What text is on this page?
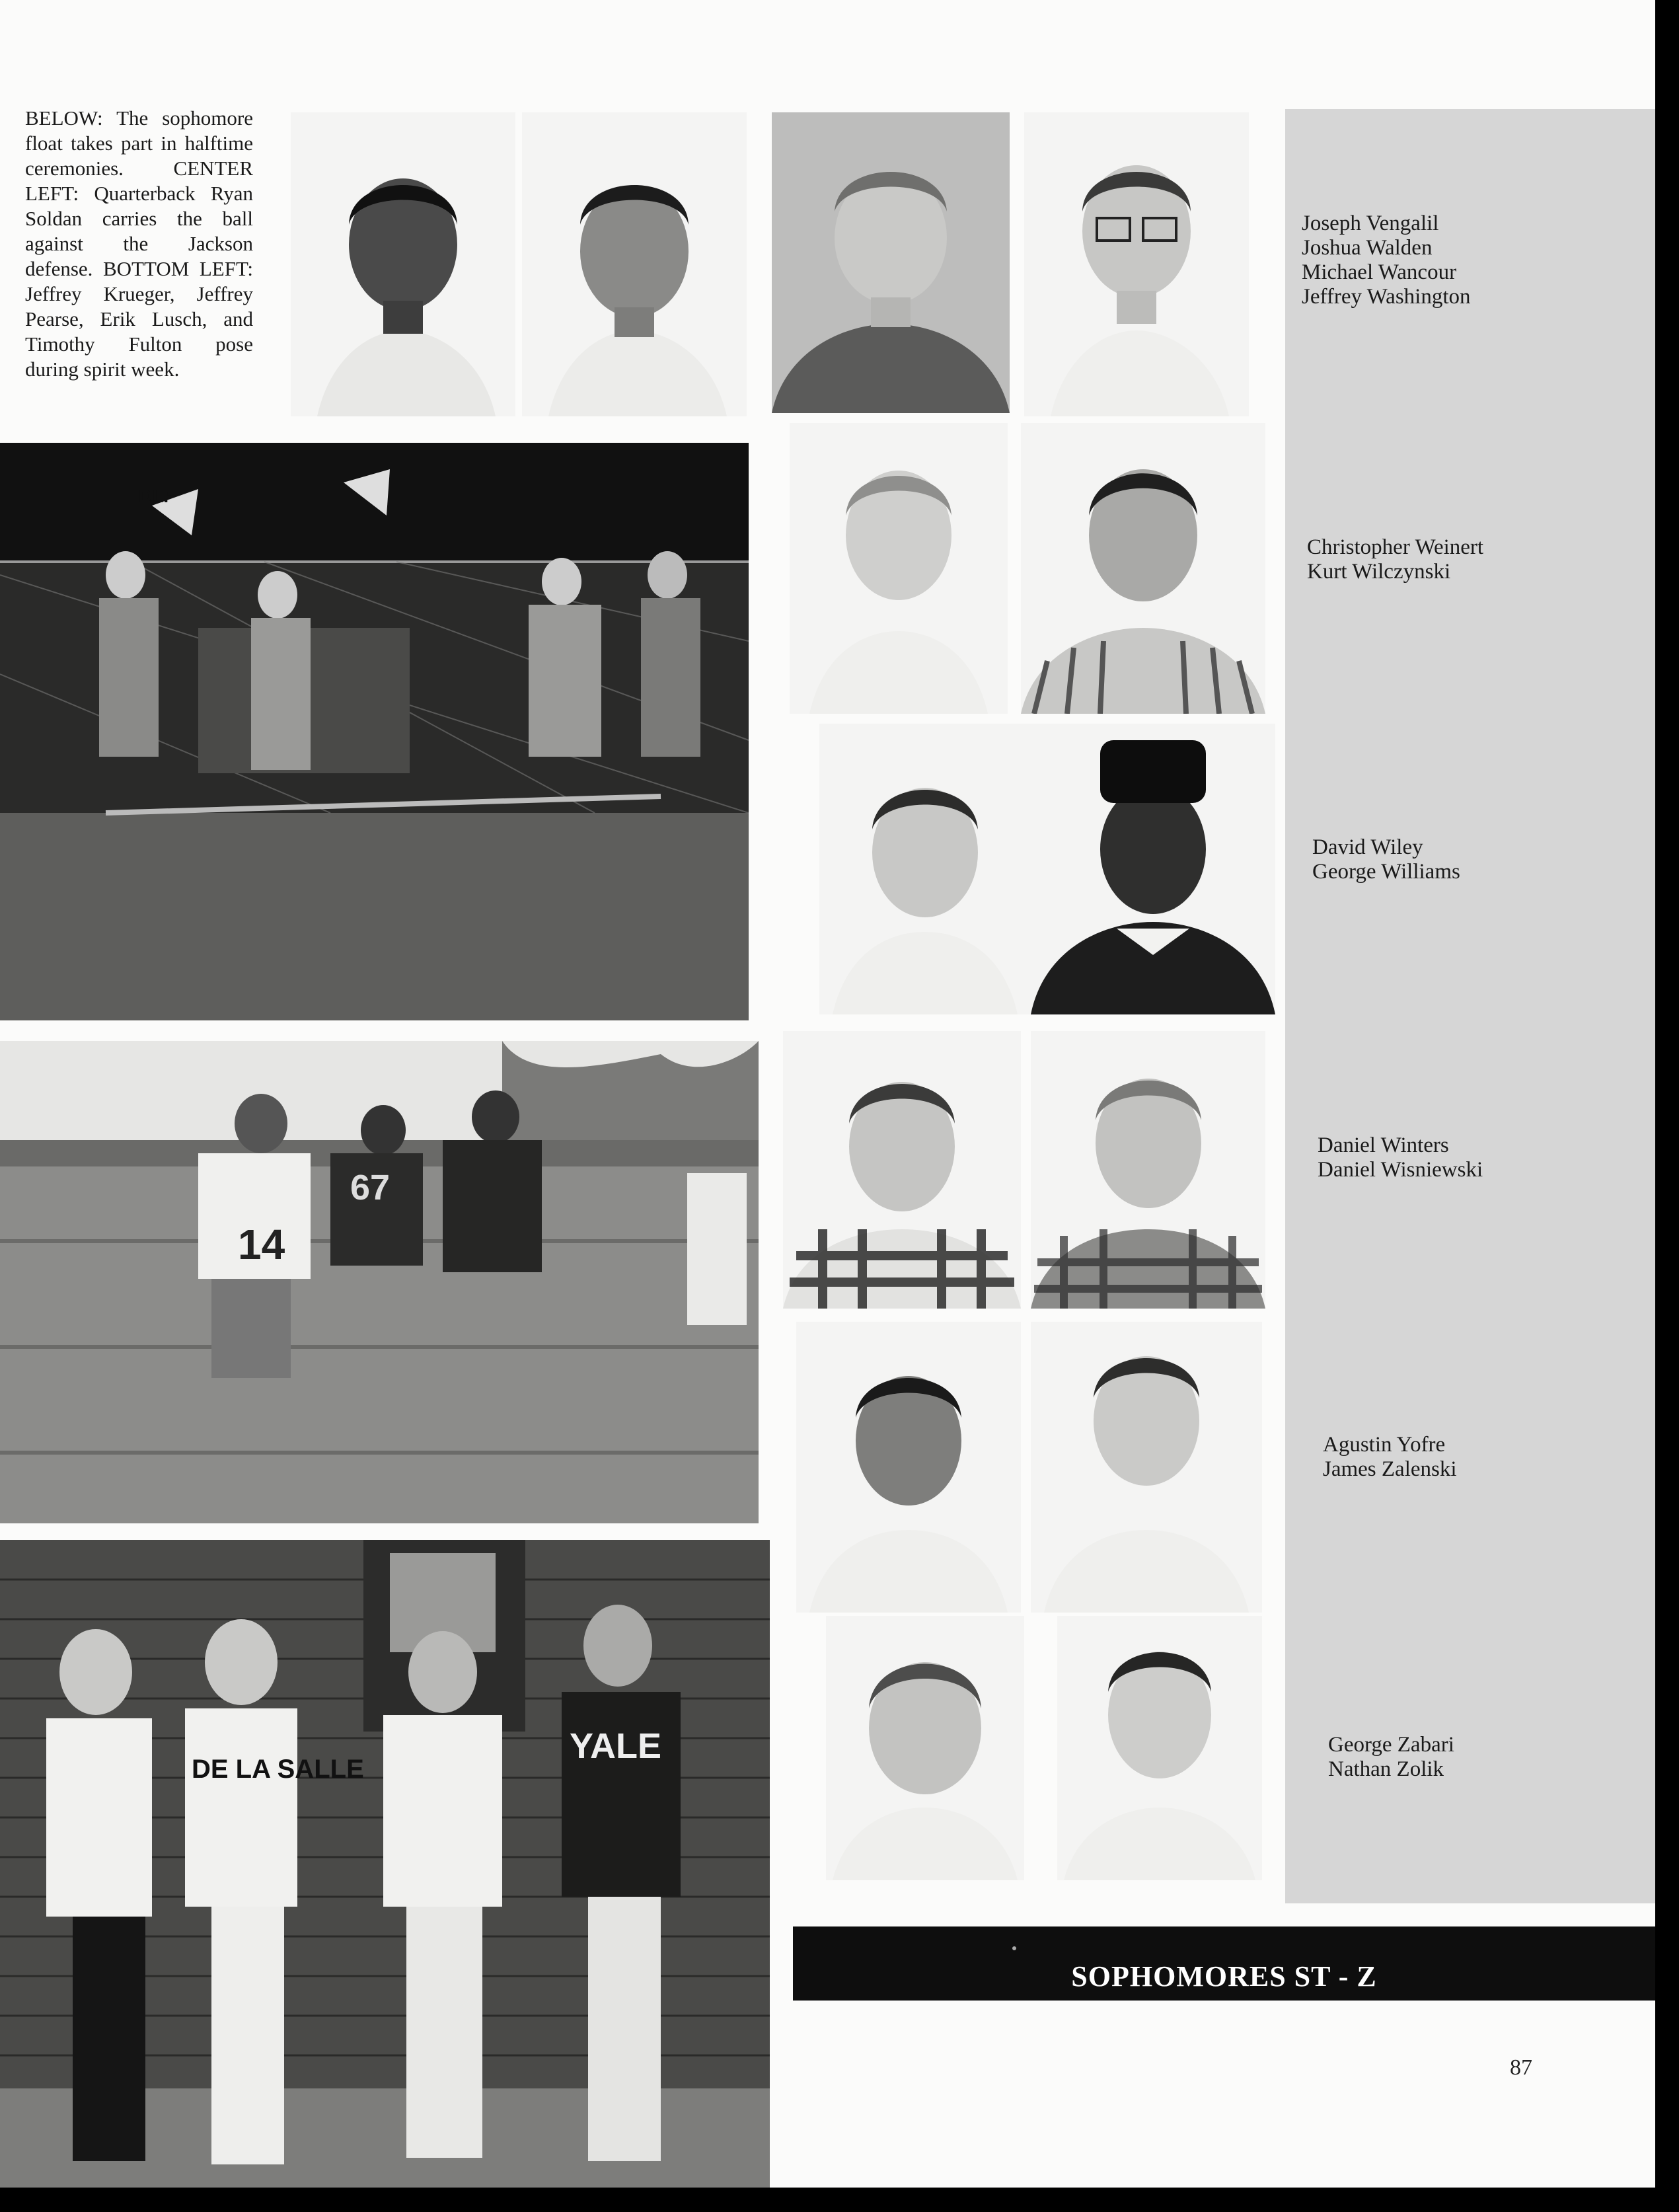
BELOW: The sophomore float takes part in halftime ceremonies. CENTER LEFT: Quarterback Ryan Soldan carries the ball against the Jackson defense. BOTTOM LEFT: Jeffrey Krueger, Jeffrey Pearse, Erik Lusch, and Timothy Fulton pose during spirit week.

Joseph Vengalil
Joshua Walden
Michael Wancour
Jeffrey Washington
Christopher Weinert
Kurt Wilczynski
David Wiley
George Williams
Daniel Winters
Daniel Wisniewski
Agustin Yofre
James Zalenski
George Zabari
Nathan Zolik
DLF
14
67
DE LA SALLE
YALE
SOPHOMORES ST - Z
87
